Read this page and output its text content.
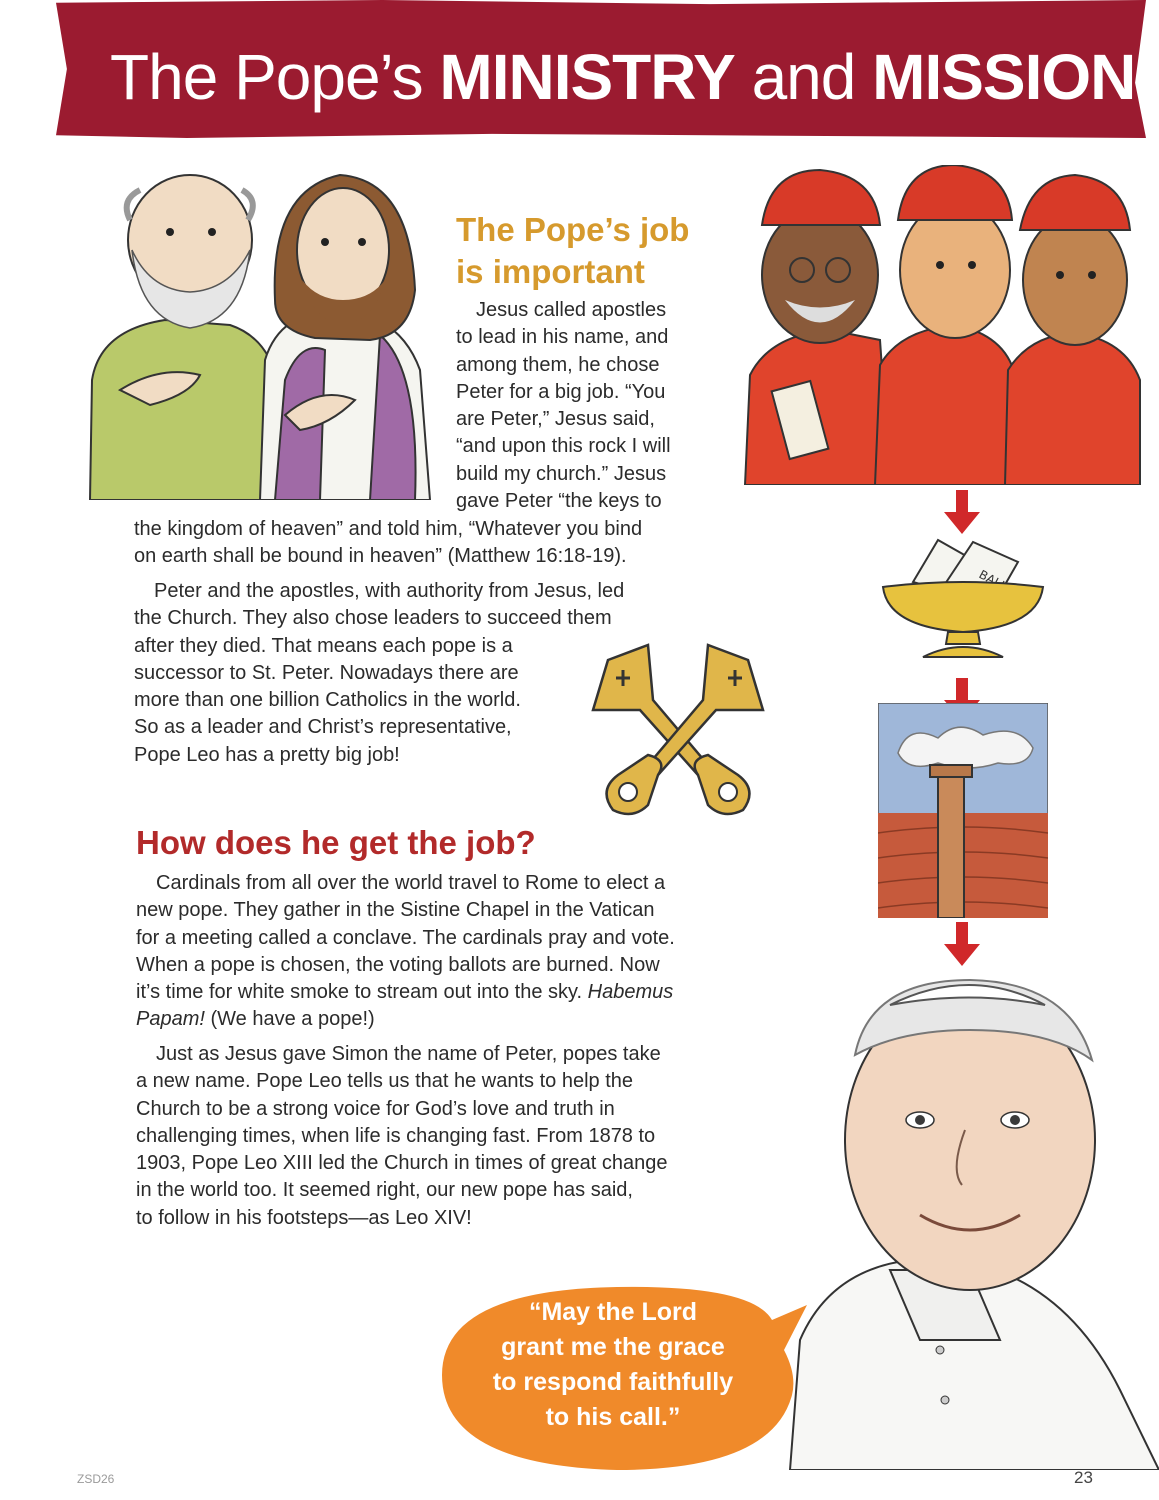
The Pope’s MINISTRY and MISSION
The Pope’s job
is important

Jesus called apostles
to lead in his name, and
among them, he chose
Peter for a big job. “You
are Peter,” Jesus said,
“and upon this rock I will
build my church.” Jesus
gave Peter “the keys to

the kingdom of heaven” and told him, “Whatever you bind
on earth shall be bound in heaven” (Matthew 16:18-19).

Peter and the apostles, with authority from Jesus, led
the Church. They also chose leaders to succeed them
after they died. That means each pope is a
successor to St. Peter. Nowadays there are
more than one billion Catholics in the world.
So as a leader and Christ’s representative,
Pope Leo has a pretty big job!

How does he get the job?

Cardinals from all over the world travel to Rome to elect a
new pope. They gather in the Sistine Chapel in the Vatican
for a meeting called a conclave. The cardinals pray and vote.
When a pope is chosen, the voting ballots are burned. Now
it’s time for white smoke to stream out into the sky. Habemus
Papam! (We have a pope!)

Just as Jesus gave Simon the name of Peter, popes take
a new name. Pope Leo tells us that he wants to help the
Church to be a strong voice for God’s love and truth in
challenging times, when life is changing fast. From 1878 to
1903, Pope Leo XIII led the Church in times of great change
in the world too. It seemed right, our new pope has said,
to follow in his footsteps—as Leo XIV!

“May the Lord
grant me the grace
to respond faithfully
to his call.”

ZSD26	23
